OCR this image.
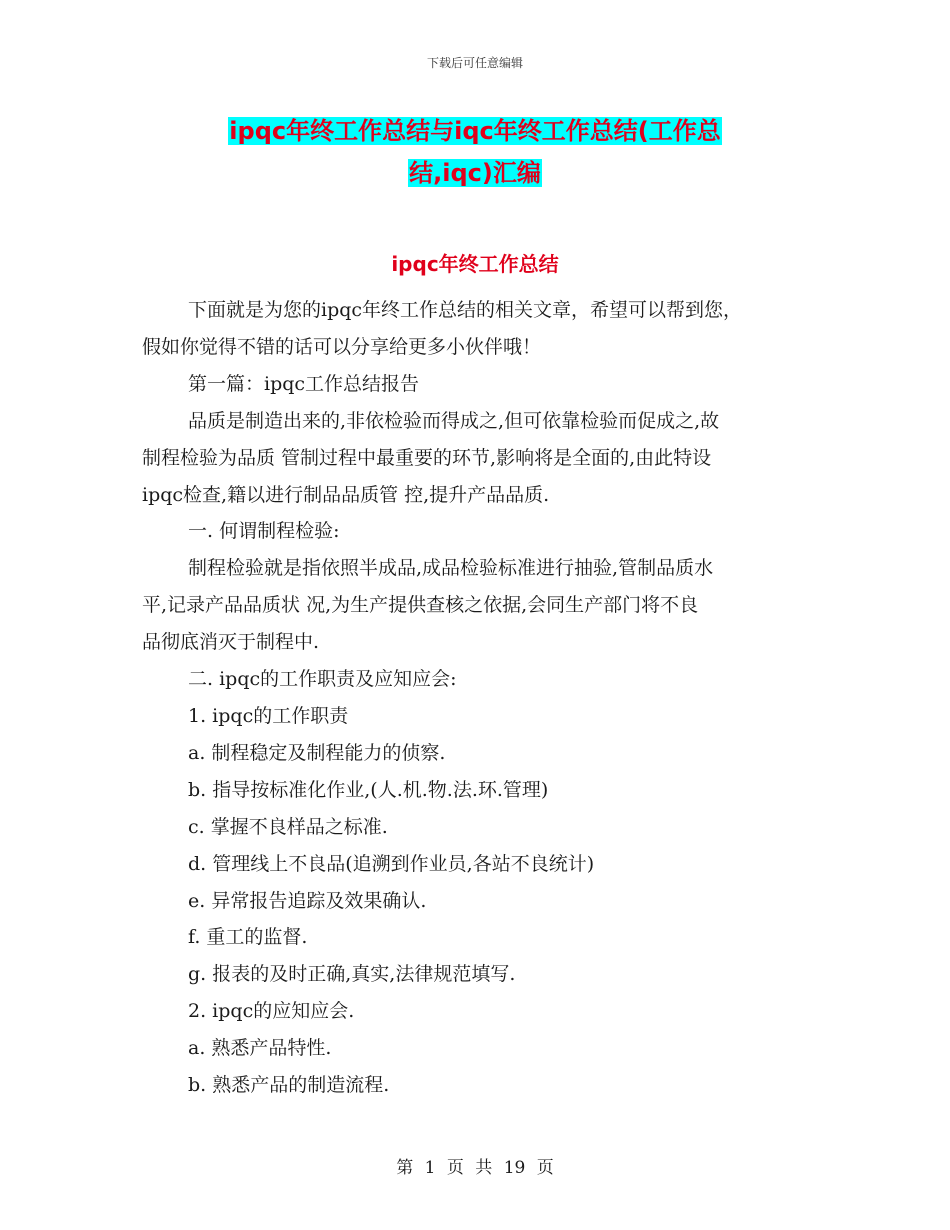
下载后可任意编辑
ipqc年终工作总结与iqc年终工作总结(工作总
结,iqc)汇编
ipqc年终工作总结

下面就是为您的ipqc年终工作总结的相关文章，希望可以帮到您，

假如你觉得不错的话可以分享给更多小伙伴哦！

第一篇：ipqc工作总结报告

品质是制造出来的,非依检验而得成之,但可依靠检验而促成之,故

制程检验为品质 管制过程中最重要的环节,影响将是全面的,由此特设

ipqc检查,籍以进行制品品质管 控,提升产品品质.

一. 何谓制程检验:

制程检验就是指依照半成品,成品检验标准进行抽验,管制品质水

平,记录产品品质状 况,为生产提供查核之依据,会同生产部门将不良

品彻底消灭于制程中.

二. ipqc的工作职责及应知应会:

1. ipqc的工作职责

a. 制程稳定及制程能力的侦察.

b. 指导按标准化作业,(人.机.物.法.环.管理)

c. 掌握不良样品之标准.

d. 管理线上不良品(追溯到作业员,各站不良统计)

e. 异常报告追踪及效果确认.

f. 重工的监督.

g. 报表的及时正确,真实,法律规范填写.

2. ipqc的应知应会.

a. 熟悉产品特性.

b. 熟悉产品的制造流程.

第 1 页 共 19 页
